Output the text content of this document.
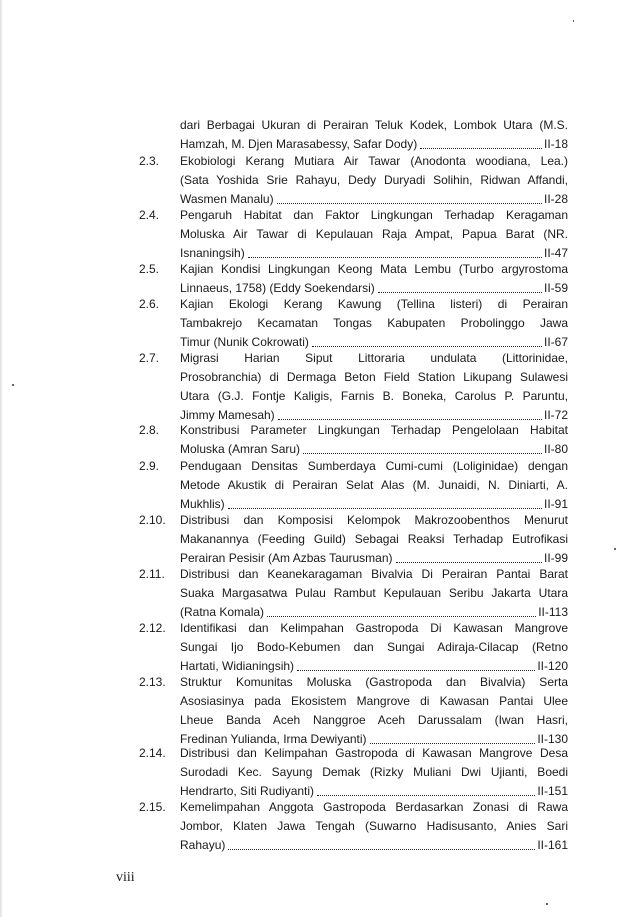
dari Berbagai Ukuran di Perairan Teluk Kodek, Lombok Utara (M.S.
Hamzah, M. Djen Marasabessy, Safar Dody)	II-18
2.3. Ekobiologi Kerang Mutiara Air Tawar (Anodonta woodiana, Lea.)
(Sata Yoshida Srie Rahayu, Dedy Duryadi Solihin, Ridwan Affandi,
Wasmen Manalu)	II-28
2.4. Pengaruh Habitat dan Faktor Lingkungan Terhadap Keragaman
Moluska Air Tawar di Kepulauan Raja Ampat, Papua Barat (NR.
Isnaningsih)	II-47
2.5. Kajian Kondisi Lingkungan Keong Mata Lembu (Turbo argyrostoma
Linnaeus, 1758) (Eddy Soekendarsi)	II-59
2.6. Kajian Ekologi Kerang Kawung (Tellina listeri) di Perairan
Tambakrejo Kecamatan Tongas Kabupaten Probolinggo Jawa
Timur (Nunik Cokrowati)	II-67
2.7. Migrasi Harian Siput Littoraria undulata (Littorinidae,
Prosobranchia) di Dermaga Beton Field Station Likupang Sulawesi
Utara (G.J. Fontje Kaligis, Farnis B. Boneka, Carolus P. Paruntu,
Jimmy Mamesah)	II-72
2.8. Konstribusi Parameter Lingkungan Terhadap Pengelolaan Habitat
Moluska (Amran Saru)	II-80
2.9. Pendugaan Densitas Sumberdaya Cumi-cumi (Loliginidae) dengan
Metode Akustik di Perairan Selat Alas (M. Junaidi, N. Diniarti, A.
Mukhlis)	II-91
2.10. Distribusi dan Komposisi Kelompok Makrozoobenthos Menurut
Makanannya (Feeding Guild) Sebagai Reaksi Terhadap Eutrofikasi
Perairan Pesisir (Am Azbas Taurusman)	II-99
2.11. Distribusi dan Keanekaragaman Bivalvia Di Perairan Pantai Barat
Suaka Margasatwa Pulau Rambut Kepulauan Seribu Jakarta Utara
(Ratna Komala)	II-113
2.12. Identifikasi dan Kelimpahan Gastropoda Di Kawasan Mangrove
Sungai Ijo Bodo-Kebumen dan Sungai Adiraja-Cilacap (Retno
Hartati, Widianingsih)	II-120
2.13. Struktur Komunitas Moluska (Gastropoda dan Bivalvia) Serta
Asosiasinya pada Ekosistem Mangrove di Kawasan Pantai Ulee
Lheue Banda Aceh Nanggroe Aceh Darussalam (Iwan Hasri,
Fredinan Yulianda, Irma Dewiyanti)	II-130
2.14. Distribusi dan Kelimpahan Gastropoda di Kawasan Mangrove Desa
Surodadi Kec. Sayung Demak (Rizky Muliani Dwi Ujianti, Boedi
Hendrarto, Siti Rudiyanti)	II-151
2.15. Kemelimpahan Anggota Gastropoda Berdasarkan Zonasi di Rawa
Jombor, Klaten Jawa Tengah (Suwarno Hadisusanto, Anies Sari
Rahayu)	II-161
viii
